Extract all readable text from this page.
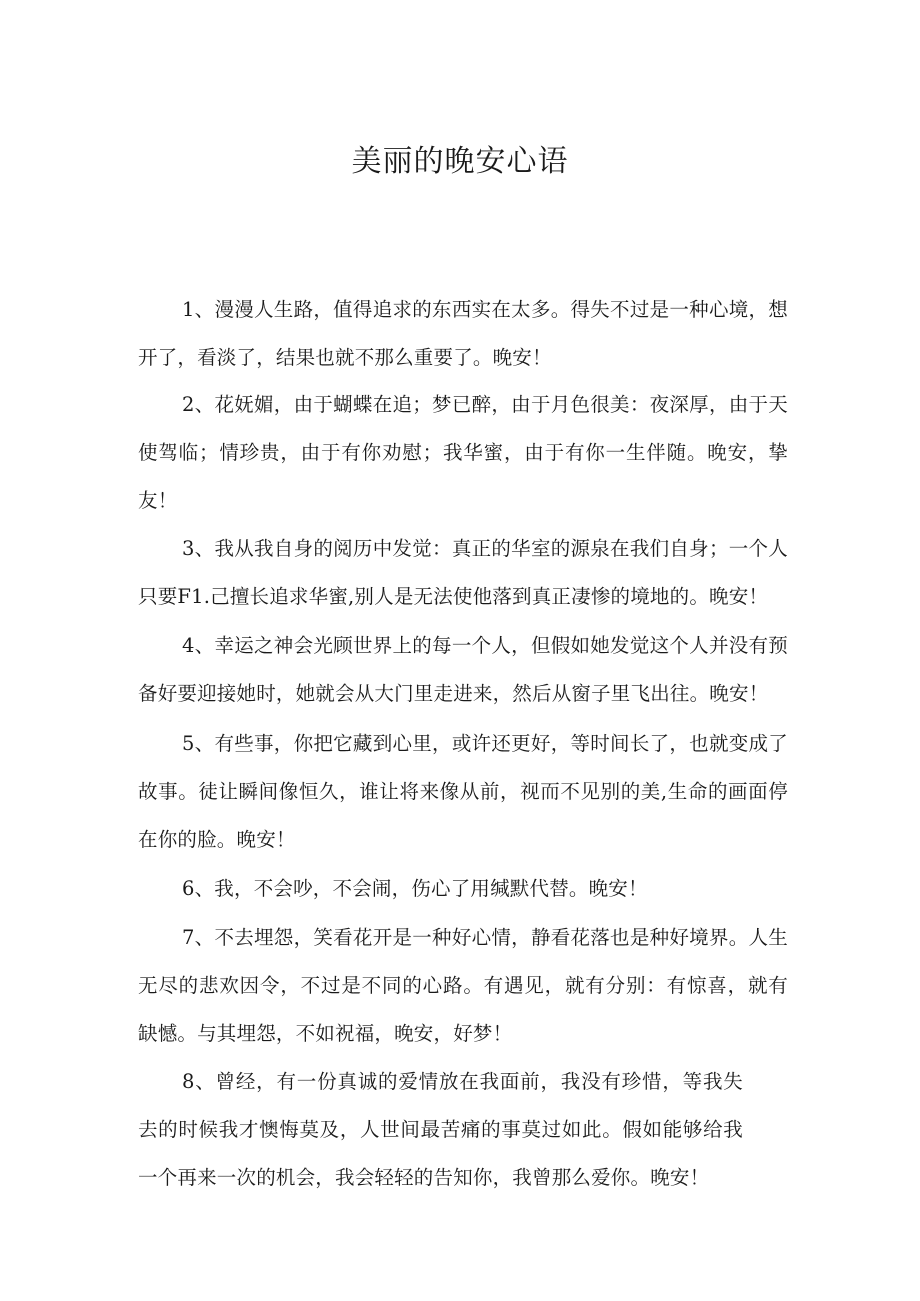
美丽的晚安心语

1、漫漫人生路，值得追求的东西实在太多。得失不过是一种心境，想开了，看淡了，结果也就不那么重要了。晚安！

2、花妩媚，由于蝴蝶在追；梦已醉，由于月色很美：夜深厚，由于天使驾临；情珍贵，由于有你劝慰；我华蜜，由于有你一生伴随。晚安，挚友！

3、我从我自身的阅历中发觉：真正的华室的源泉在我们自身；一个人只要F1.己擅长追求华蜜,别人是无法使他落到真正凄惨的境地的。晚安！

4、幸运之神会光顾世界上的每一个人，但假如她发觉这个人并没有预备好要迎接她时，她就会从大门里走进来，然后从窗子里飞出往。晚安！

5、有些事，你把它藏到心里，或许还更好，等时间长了，也就变成了故事。徒让瞬间像恒久，谁让将来像从前，视而不见别的美,生命的画面停在你的脸。晚安！

6、我，不会吵，不会闹，伤心了用缄默代替。晚安！

7、不去埋怨，笑看花开是一种好心情，静看花落也是种好境界。人生无尽的悲欢因令，不过是不同的心路。有遇见，就有分别：有惊喜，就有缺憾。与其埋怨，不如祝福，晚安，好梦！

8、曾经，有一份真诚的爱情放在我面前，我没有珍惜，等我失去的时候我才懊悔莫及，人世间最苦痛的事莫过如此。假如能够给我一个再来一次的机会，我会轻轻的告知你，我曾那么爱你。晚安！
